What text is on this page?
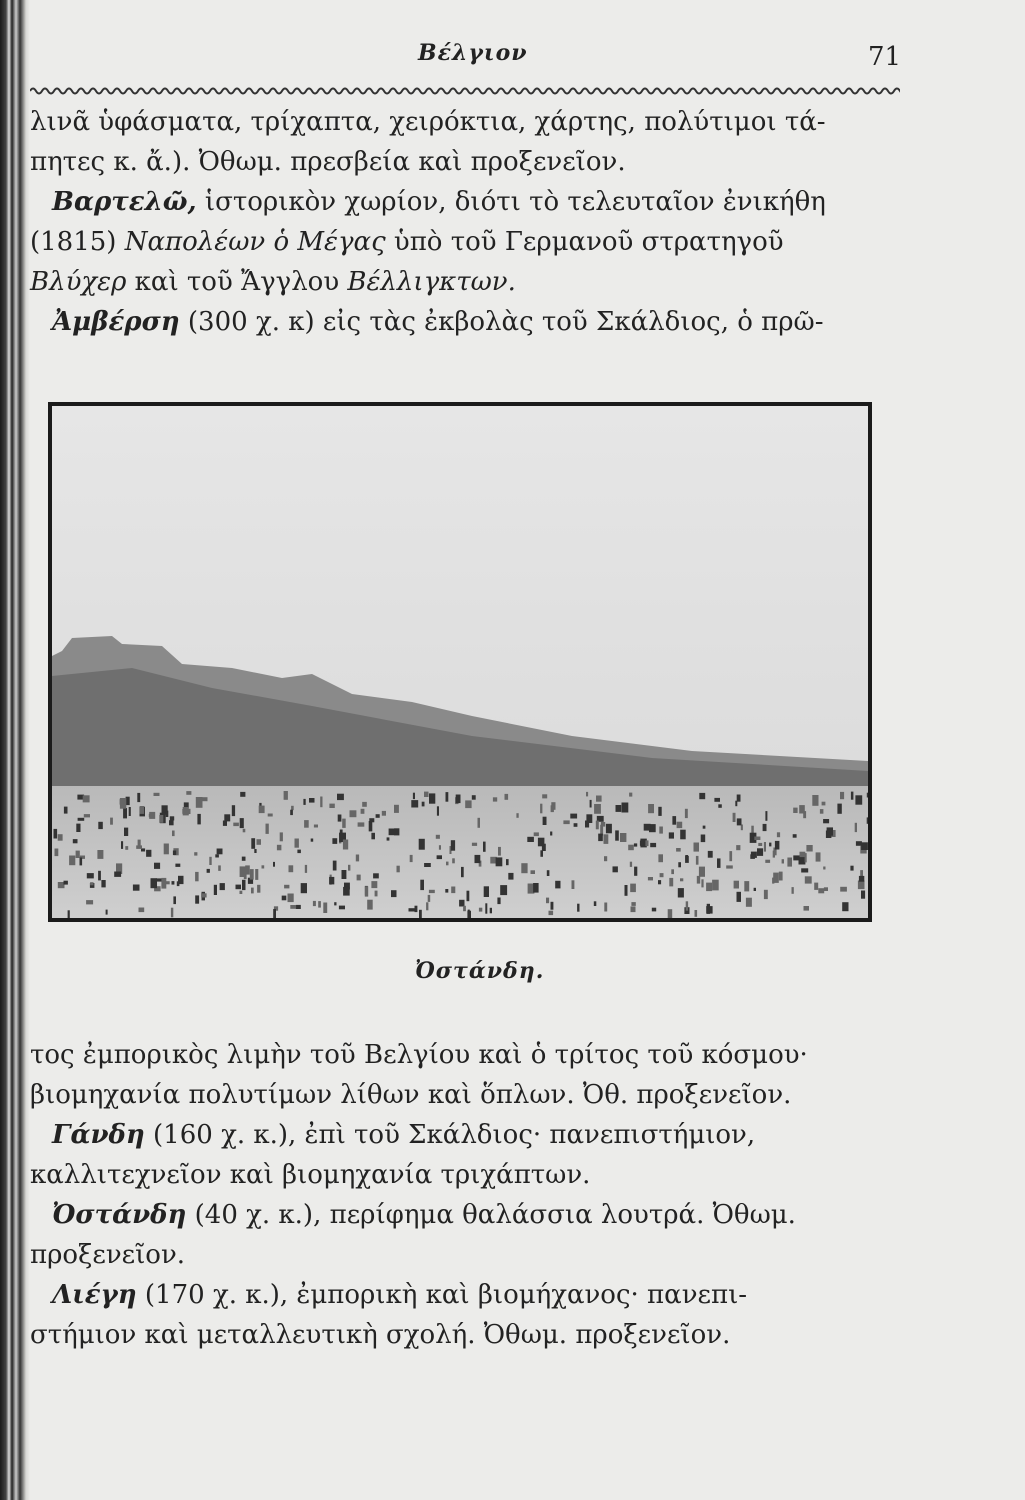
Βέλγιον	71
λινᾶ ὑφάσματα, τρίχαπτα, χειρόκτια, χάρτης, πολύτιμοι τά-
πητες κ. ἄ.). Ὀθωμ. πρεσβεία καὶ προξενεῖον.
Βαρτελῶ, ἱστορικὸν χωρίον, διότι τὸ τελευταῖον ἐνικήθη
(1815) Ναπολέων ὁ Μέγας ὑπὸ τοῦ Γερμανοῦ στρατηγοῦ
Βλύχερ καὶ τοῦ Ἄγγλου Βέλλιγκτων.
Ἀμβέρση (300 χ. κ) εἰς τὰς ἐκβολὰς τοῦ Σκάλδιος, ὁ πρῶ-
Ὀστάνδη.
τος ἐμπορικὸς λιμὴν τοῦ Βελγίου καὶ ὁ τρίτος τοῦ κόσμου·
βιομηχανία πολυτίμων λίθων καὶ ὅπλων. Ὀθ. προξενεῖον.
Γάνδη (160 χ. κ.), ἐπὶ τοῦ Σκάλδιος· πανεπιστήμιον,
καλλιτεχνεῖον καὶ βιομηχανία τριχάπτων.
Ὀστάνδη (40 χ. κ.), περίφημα θαλάσσια λουτρά. Ὀθωμ.
προξενεῖον.
Λιέγη (170 χ. κ.), ἐμπορικὴ καὶ βιομήχανος· πανεπι-
στήμιον καὶ μεταλλευτικὴ σχολή. Ὀθωμ. προξενεῖον.
